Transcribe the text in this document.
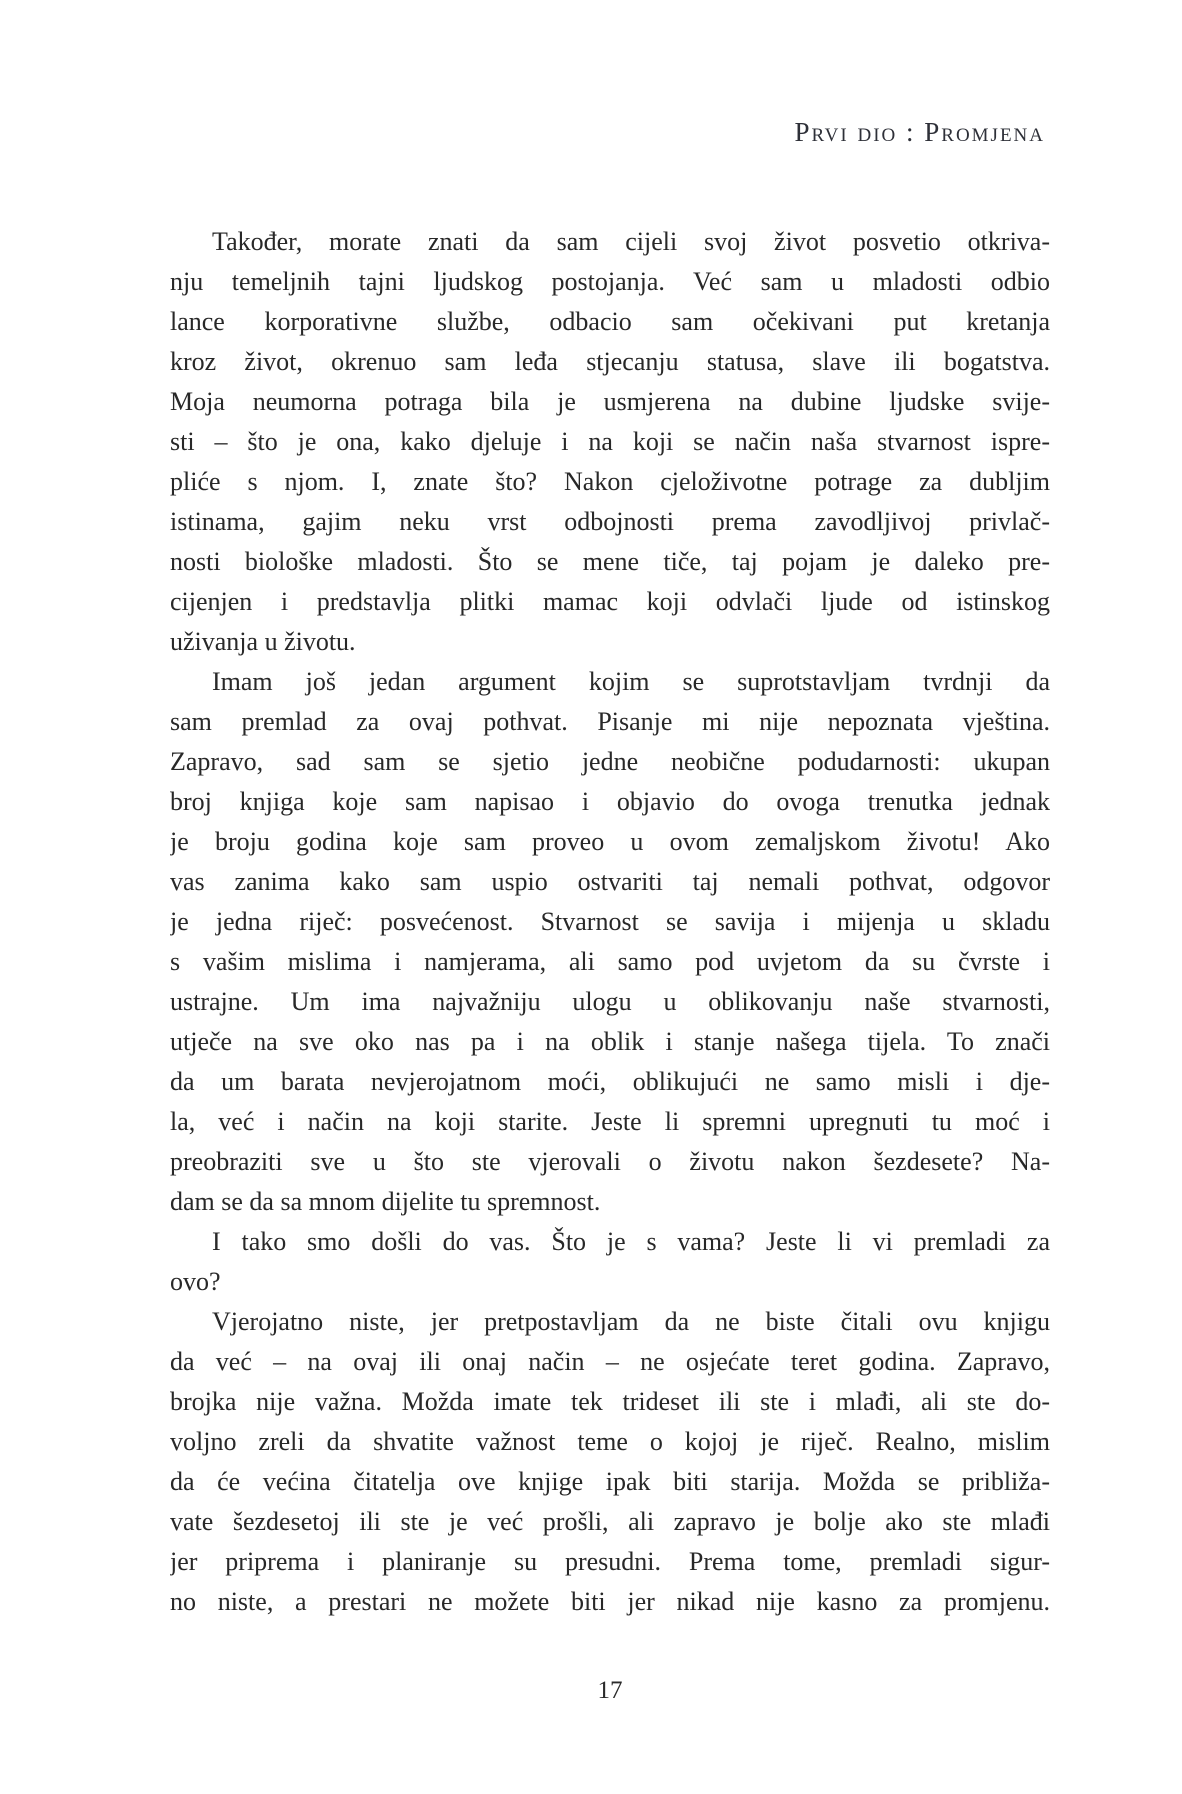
Prvi dio : Promjena
Također, morate znati da sam cijeli svoj život posvetio otkriva-
nju temeljnih tajni ljudskog postojanja. Već sam u mladosti odbio
lance korporativne službe, odbacio sam očekivani put kretanja
kroz život, okrenuo sam leđa stjecanju statusa, slave ili bogatstva.
Moja neumorna potraga bila je usmjerena na dubine ljudske svije-
sti – što je ona, kako djeluje i na koji se način naša stvarnost ispre-
pliće s njom. I, znate što? Nakon cjeloživotne potrage za dubljim
istinama, gajim neku vrst odbojnosti prema zavodljivoj privlač-
nosti biološke mladosti. Što se mene tiče, taj pojam je daleko pre-
cijenjen i predstavlja plitki mamac koji odvlači ljude od istinskog
uživanja u životu.
Imam još jedan argument kojim se suprotstavljam tvrdnji da
sam premlad za ovaj pothvat. Pisanje mi nije nepoznata vještina.
Zapravo, sad sam se sjetio jedne neobične podudarnosti: ukupan
broj knjiga koje sam napisao i objavio do ovoga trenutka jednak
je broju godina koje sam proveo u ovom zemaljskom životu! Ako
vas zanima kako sam uspio ostvariti taj nemali pothvat, odgovor
je jedna riječ: posvećenost. Stvarnost se savija i mijenja u skladu
s vašim mislima i namjerama, ali samo pod uvjetom da su čvrste i
ustrajne. Um ima najvažniju ulogu u oblikovanju naše stvarnosti,
utječe na sve oko nas pa i na oblik i stanje našega tijela. To znači
da um barata nevjerojatnom moći, oblikujući ne samo misli i dje-
la, već i način na koji starite. Jeste li spremni upregnuti tu moć i
preobraziti sve u što ste vjerovali o životu nakon šezdesete? Na-
dam se da sa mnom dijelite tu spremnost.
I tako smo došli do vas. Što je s vama? Jeste li vi premladi za
ovo?
Vjerojatno niste, jer pretpostavljam da ne biste čitali ovu knjigu
da već – na ovaj ili onaj način – ne osjećate teret godina. Zapravo,
brojka nije važna. Možda imate tek trideset ili ste i mlađi, ali ste do-
voljno zreli da shvatite važnost teme o kojoj je riječ. Realno, mislim
da će većina čitatelja ove knjige ipak biti starija. Možda se približa-
vate šezdesetoj ili ste je već prošli, ali zapravo je bolje ako ste mlađi
jer priprema i planiranje su presudni. Prema tome, premladi sigur-
no niste, a prestari ne možete biti jer nikad nije kasno za promjenu.
17
